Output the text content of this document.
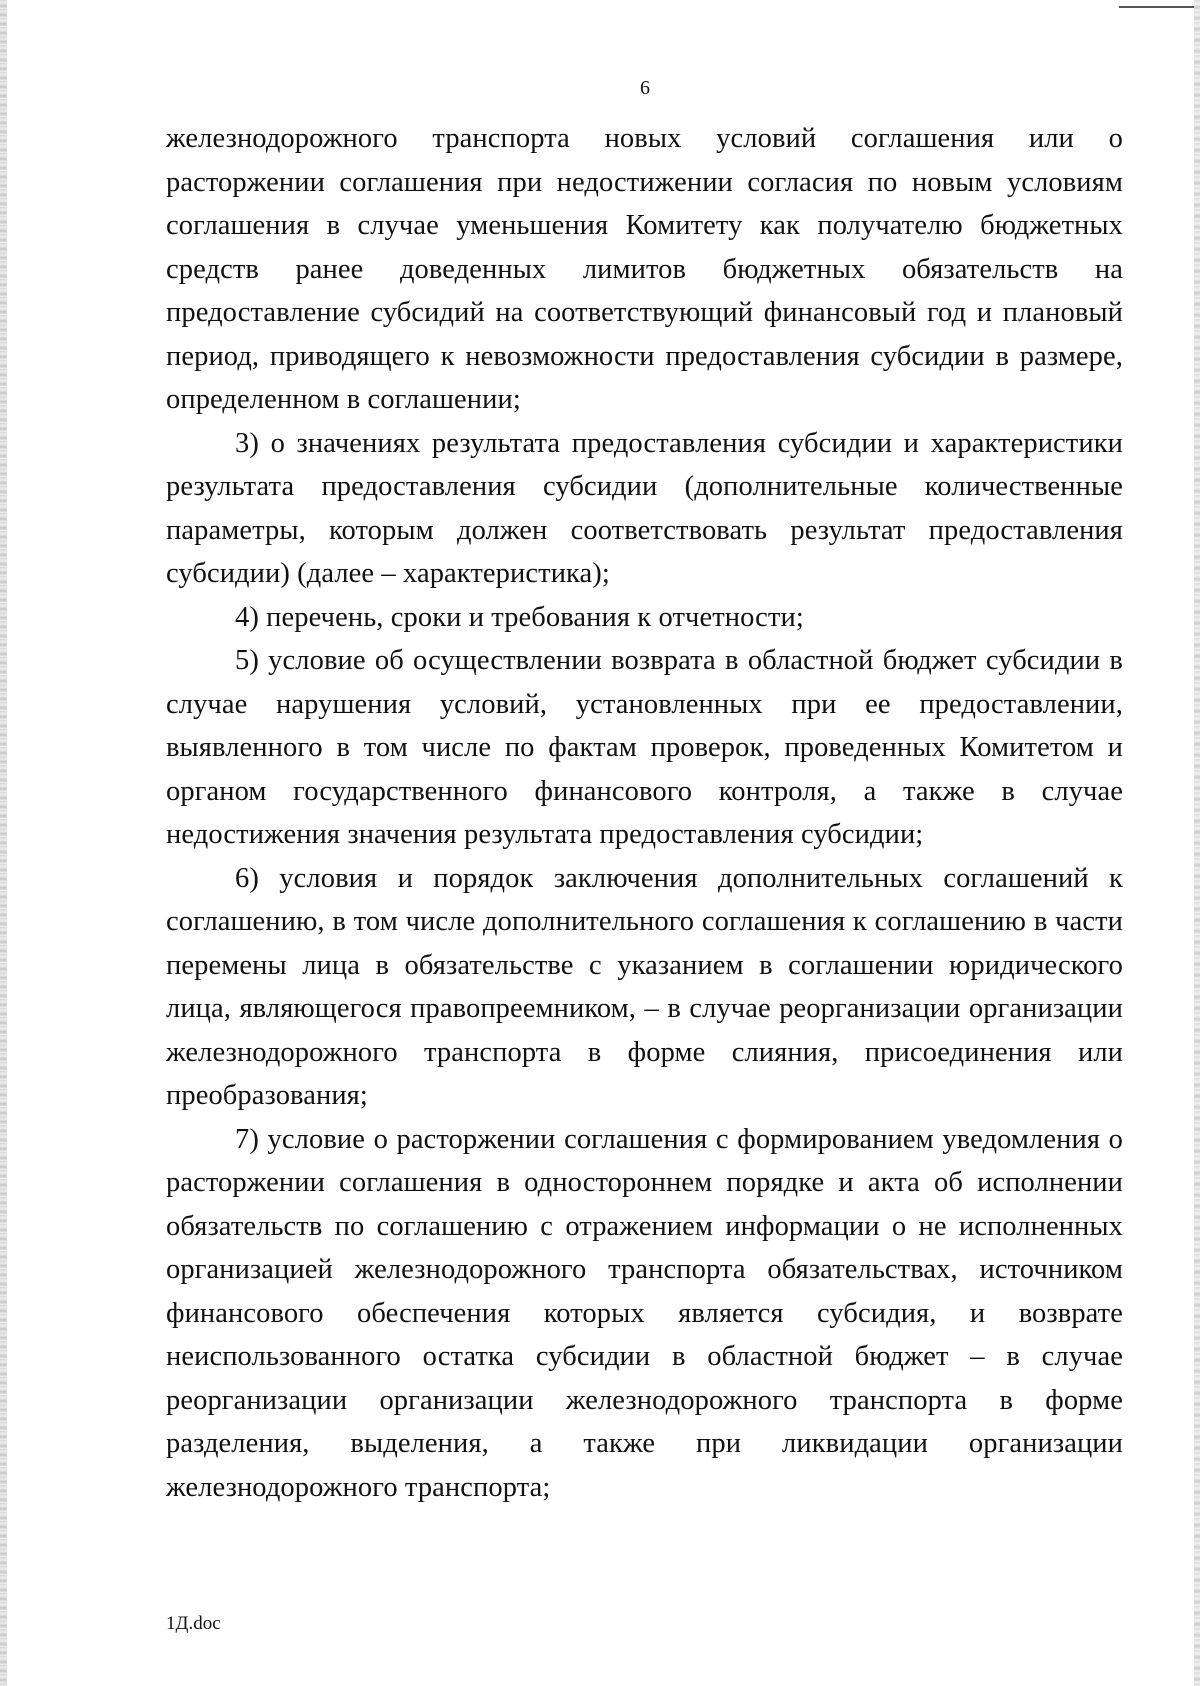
6

железнодорожного транспорта новых условий соглашения или о расторжении соглашения при недостижении согласия по новым условиям соглашения в случае уменьшения Комитету как получателю бюджетных средств ранее доведенных лимитов бюджетных обязательств на предоставление субсидий на соответствующий финансовый год и плановый период, приводящего к невозможности предоставления субсидии в размере, определенном в соглашении;

3) о значениях результата предоставления субсидии и характеристики результата предоставления субсидии (дополнительные количественные параметры, которым должен соответствовать результат предоставления субсидии) (далее – характеристика);

4) перечень, сроки и требования к отчетности;

5) условие об осуществлении возврата в областной бюджет субсидии в случае нарушения условий, установленных при ее предоставлении, выявленного в том числе по фактам проверок, проведенных Комитетом и органом государственного финансового контроля, а также в случае недостижения значения результата предоставления субсидии;

6) условия и порядок заключения дополнительных соглашений к соглашению, в том числе дополнительного соглашения к соглашению в части перемены лица в обязательстве с указанием в соглашении юридического лица, являющегося правопреемником, – в случае реорганизации организации железнодорожного транспорта в форме слияния, присоединения или преобразования;

7) условие о расторжении соглашения с формированием уведомления о расторжении соглашения в одностороннем порядке и акта об исполнении обязательств по соглашению с отражением информации о не исполненных организацией железнодорожного транспорта обязательствах, источником финансового обеспечения которых является субсидия, и возврате неиспользованного остатка субсидии в областной бюджет – в случае реорганизации организации железнодорожного транспорта в форме разделения, выделения, а также при ликвидации организации железнодорожного транспорта;

1Д.doc
